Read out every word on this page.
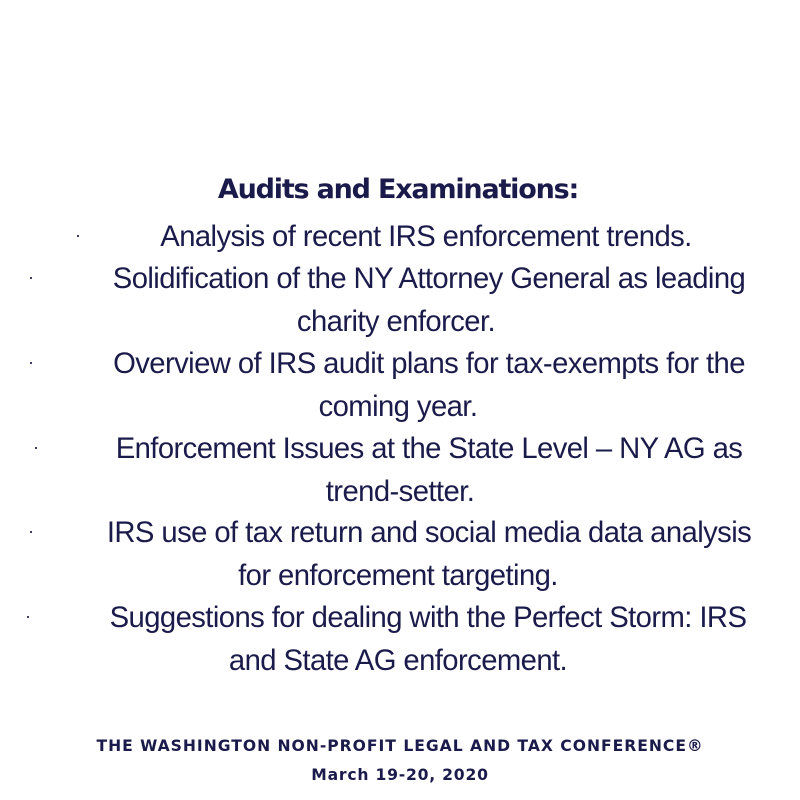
Audits and Examinations:
·	Analysis of recent IRS enforcement trends.
·	Solidification of the NY Attorney General as leading
charity enforcer.
·	Overview of IRS audit plans for tax-exempts for the
coming year.
·	Enforcement Issues at the State Level – NY AG as
trend-setter.
·	IRS use of tax return and social media data analysis
for enforcement targeting.
·	Suggestions for dealing with the Perfect Storm: IRS
and State AG enforcement.
THE WASHINGTON NON-PROFIT LEGAL AND TAX CONFERENCE®
March 19-20, 2020
